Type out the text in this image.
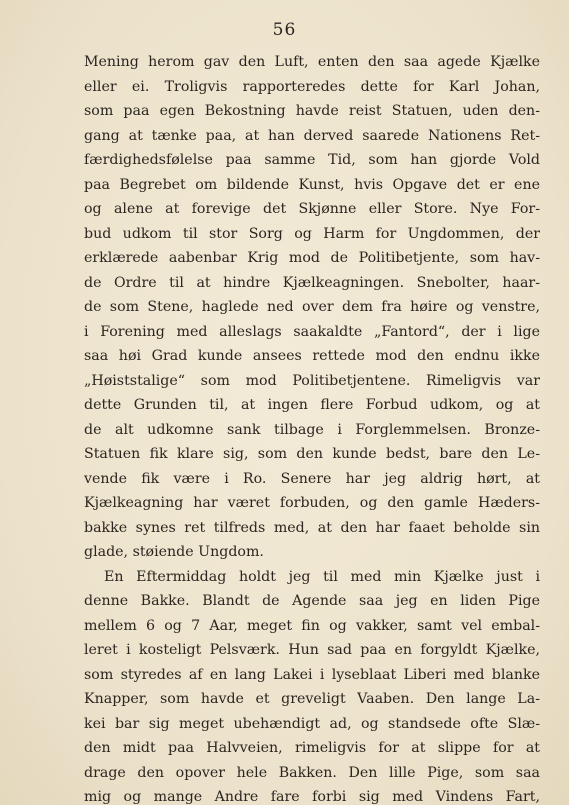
56
Mening herom gav den Luft, enten den saa agede Kjælke
eller ei. Troligvis rapporteredes dette for Karl Johan,
som paa egen Bekostning havde reist Statuen, uden den-
gang at tænke paa, at han derved saarede Nationens Ret-
færdighedsfølelse paa samme Tid, som han gjorde Vold
paa Begrebet om bildende Kunst, hvis Opgave det er ene
og alene at forevige det Skjønne eller Store. Nye For-
bud udkom til stor Sorg og Harm for Ungdommen, der
erklærede aabenbar Krig mod de Politibetjente, som hav-
de Ordre til at hindre Kjælkeagningen. Snebolter, haar-
de som Stene, haglede ned over dem fra høire og venstre,
i Forening med alleslags saakaldte „Fantord“, der i lige
saa høi Grad kunde ansees rettede mod den endnu ikke
„Høiststalige“ som mod Politibetjentene. Rimeligvis var
dette Grunden til, at ingen flere Forbud udkom, og at
de alt udkomne sank tilbage i Forglemmelsen. Bronze-
Statuen fik klare sig, som den kunde bedst, bare den Le-
vende fik være i Ro. Senere har jeg aldrig hørt, at
Kjælkeagning har været forbuden, og den gamle Hæders-
bakke synes ret tilfreds med, at den har faaet beholde sin
glade, støiende Ungdom.
En Eftermiddag holdt jeg til med min Kjælke just i
denne Bakke. Blandt de Agende saa jeg en liden Pige
mellem 6 og 7 Aar, meget fin og vakker, samt vel embal-
leret i kosteligt Pelsværk. Hun sad paa en forgyldt Kjælke,
som styredes af en lang Lakei i lyseblaat Liberi med blanke
Knapper, som havde et greveligt Vaaben. Den lange La-
kei bar sig meget ubehændigt ad, og standsede ofte Slæ-
den midt paa Halvveien, rimeligvis for at slippe for at
drage den opover hele Bakken. Den lille Pige, som saa
mig og mange Andre fare forbi sig med Vindens Fart,
